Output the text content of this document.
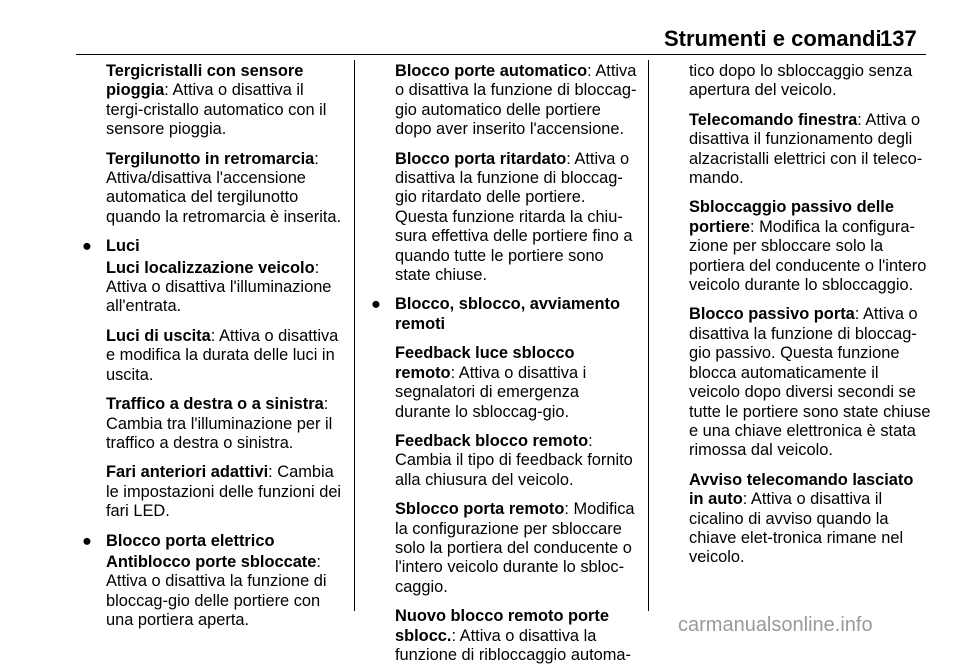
Strumenti e comandi
137
Tergicristalli con sensore pioggia: Attiva o disattiva il tergi-cristallo automatico con il sensore pioggia.
Tergilunotto in retromarcia: Attiva/disattiva l'accensione automatica del tergilunotto quando la retromarcia è inserita.
● Luci
Luci localizzazione veicolo: Attiva o disattiva l'illuminazione all'entrata.
Luci di uscita: Attiva o disattiva e modifica la durata delle luci in uscita.
Traffico a destra o a sinistra: Cambia tra l'illuminazione per il traffico a destra o sinistra.
Fari anteriori adattivi: Cambia le impostazioni delle funzioni dei fari LED.
● Blocco porta elettrico
Antiblocco porte sbloccate: Attiva o disattiva la funzione di bloccag-gio delle portiere con una portiera aperta.
Blocco porte automatico: Attiva o disattiva la funzione di bloccag-gio automatico delle portiere dopo aver inserito l'accensione.
Blocco porta ritardato: Attiva o disattiva la funzione di bloccag-gio ritardato delle portiere. Questa funzione ritarda la chiu-sura effettiva delle portiere fino a quando tutte le portiere sono state chiuse.
● Blocco, sblocco, avviamento remoti
Feedback luce sblocco remoto: Attiva o disattiva i segnalatori di emergenza durante lo sbloccag-gio.
Feedback blocco remoto: Cambia il tipo di feedback fornito alla chiusura del veicolo.
Sblocco porta remoto: Modifica la configurazione per sbloccare solo la portiera del conducente o l'intero veicolo durante lo sbloc-caggio.
Nuovo blocco remoto porte sblocc.: Attiva o disattiva la funzione di ribloccaggio automa-
tico dopo lo sbloccaggio senza apertura del veicolo.
Telecomando finestra: Attiva o disattiva il funzionamento degli alzacristalli elettrici con il teleco-mando.
Sbloccaggio passivo delle portiere: Modifica la configura-zione per sbloccare solo la portiera del conducente o l'intero veicolo durante lo sbloccaggio.
Blocco passivo porta: Attiva o disattiva la funzione di bloccag-gio passivo. Questa funzione blocca automaticamente il veicolo dopo diversi secondi se tutte le portiere sono state chiuse e una chiave elettronica è stata rimossa dal veicolo.
Avviso telecomando lasciato in auto: Attiva o disattiva il cicalino di avviso quando la chiave elet-tronica rimane nel veicolo.
carmanualsonline.info
